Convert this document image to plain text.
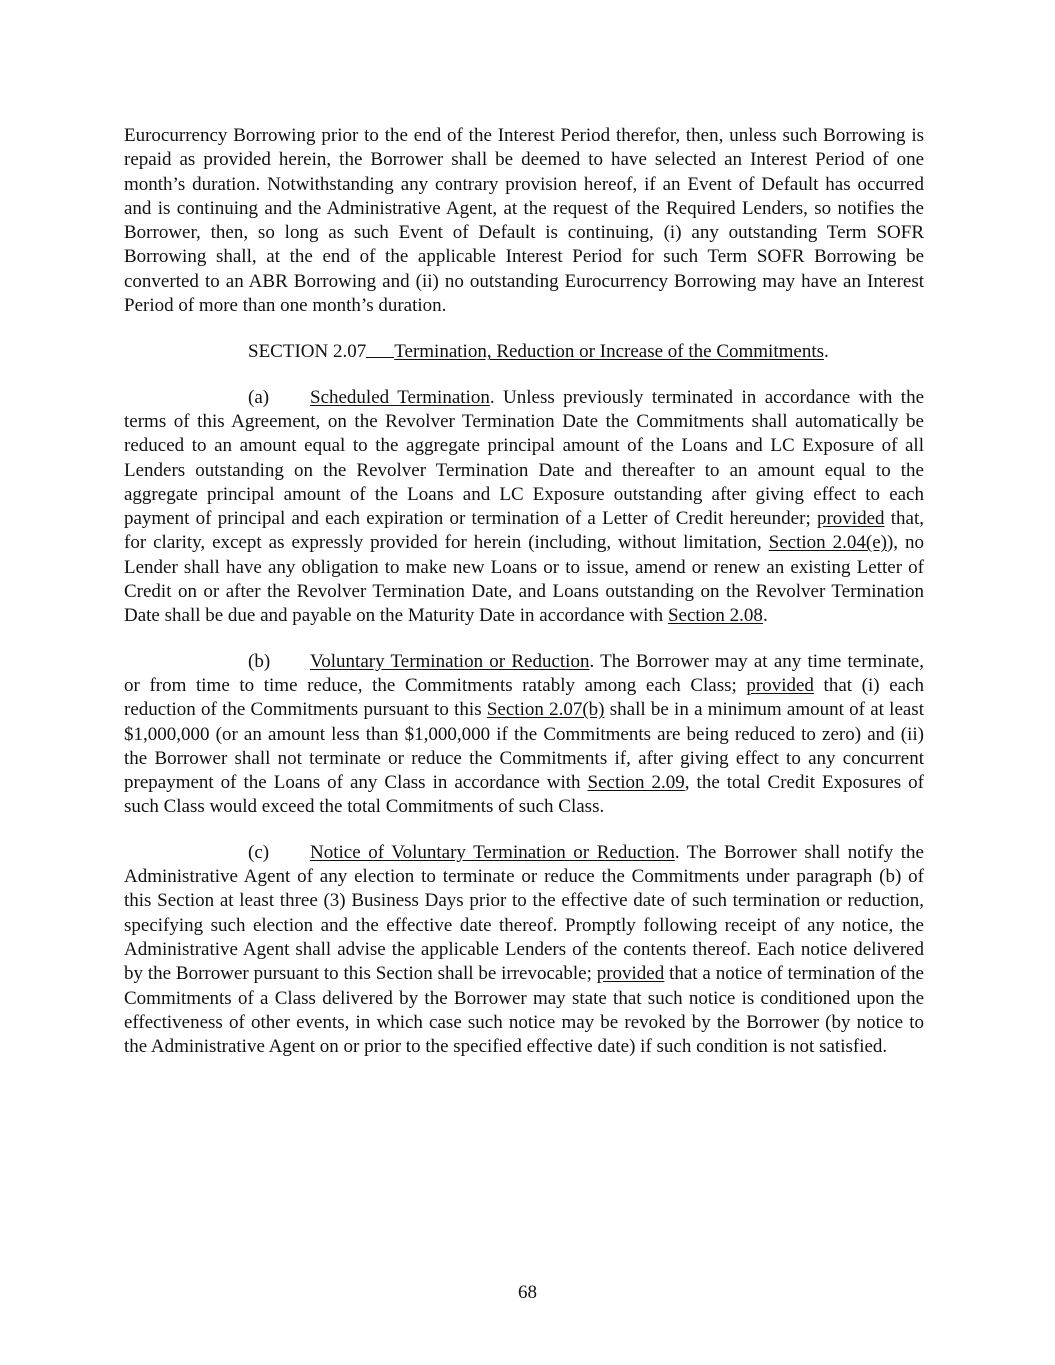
Eurocurrency Borrowing prior to the end of the Interest Period therefor, then, unless such Borrowing is repaid as provided herein, the Borrower shall be deemed to have selected an Interest Period of one month’s duration. Notwithstanding any contrary provision hereof, if an Event of Default has occurred and is continuing and the Administrative Agent, at the request of the Required Lenders, so notifies the Borrower, then, so long as such Event of Default is continuing, (i) any outstanding Term SOFR Borrowing shall, at the end of the applicable Interest Period for such Term SOFR Borrowing be converted to an ABR Borrowing and (ii) no outstanding Eurocurrency Borrowing may have an Interest Period of more than one month’s duration.

SECTION 2.07 Termination, Reduction or Increase of the Commitments.

(a) Scheduled Termination. Unless previously terminated in accordance with the terms of this Agreement, on the Revolver Termination Date the Commitments shall automatically be reduced to an amount equal to the aggregate principal amount of the Loans and LC Exposure of all Lenders outstanding on the Revolver Termination Date and thereafter to an amount equal to the aggregate principal amount of the Loans and LC Exposure outstanding after giving effect to each payment of principal and each expiration or termination of a Letter of Credit hereunder; provided that, for clarity, except as expressly provided for herein (including, without limitation, Section 2.04(e)), no Lender shall have any obligation to make new Loans or to issue, amend or renew an existing Letter of Credit on or after the Revolver Termination Date, and Loans outstanding on the Revolver Termination Date shall be due and payable on the Maturity Date in accordance with Section 2.08.

(b) Voluntary Termination or Reduction. The Borrower may at any time terminate, or from time to time reduce, the Commitments ratably among each Class; provided that (i) each reduction of the Commitments pursuant to this Section 2.07(b) shall be in a minimum amount of at least $1,000,000 (or an amount less than $1,000,000 if the Commitments are being reduced to zero) and (ii) the Borrower shall not terminate or reduce the Commitments if, after giving effect to any concurrent prepayment of the Loans of any Class in accordance with Section 2.09, the total Credit Exposures of such Class would exceed the total Commitments of such Class.

(c) Notice of Voluntary Termination or Reduction. The Borrower shall notify the Administrative Agent of any election to terminate or reduce the Commitments under paragraph (b) of this Section at least three (3) Business Days prior to the effective date of such termination or reduction, specifying such election and the effective date thereof. Promptly following receipt of any notice, the Administrative Agent shall advise the applicable Lenders of the contents thereof. Each notice delivered by the Borrower pursuant to this Section shall be irrevocable; provided that a notice of termination of the Commitments of a Class delivered by the Borrower may state that such notice is conditioned upon the effectiveness of other events, in which case such notice may be revoked by the Borrower (by notice to the Administrative Agent on or prior to the specified effective date) if such condition is not satisfied.

68
